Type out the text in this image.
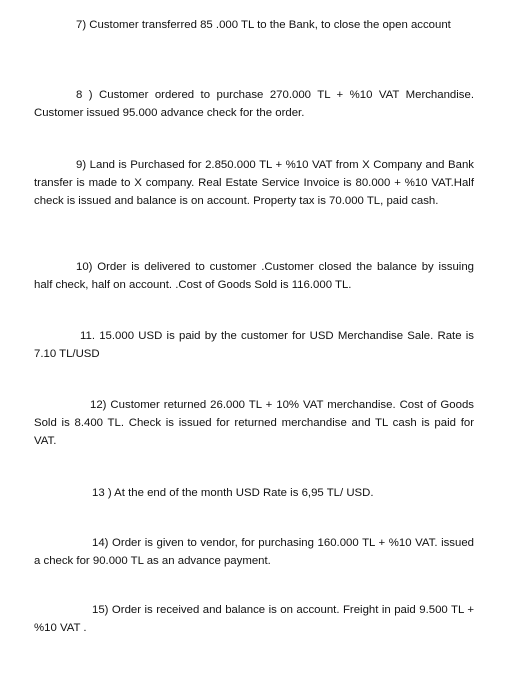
7) Customer transferred 85 .000 TL to the Bank, to close the open account

8 ) Customer ordered to purchase 270.000 TL + %10 VAT Merchandise. Customer issued 95.000 advance check for the order.

9) Land is Purchased for 2.850.000 TL + %10 VAT from X Company and Bank transfer is made to X company. Real Estate Service Invoice is 80.000 + %10 VAT.Half check is issued and balance is on account. Property tax is 70.000 TL, paid cash.

10) Order is delivered to customer .Customer closed the balance by issuing half check, half on account. .Cost of Goods Sold is 116.000 TL.

11. 15.000 USD is paid by the customer for USD Merchandise Sale. Rate is 7.10 TL/USD

12) Customer returned 26.000 TL + 10% VAT merchandise. Cost of Goods Sold is 8.400 TL. Check is issued for returned merchandise and TL cash is paid for VAT.

13 ) At the end of the month USD Rate is 6,95 TL/ USD.

14) Order is given to vendor, for purchasing 160.000 TL + %10 VAT. issued a check for 90.000 TL as an advance payment.

15) Order is received and balance is on account. Freight in paid 9.500 TL + %10 VAT .
